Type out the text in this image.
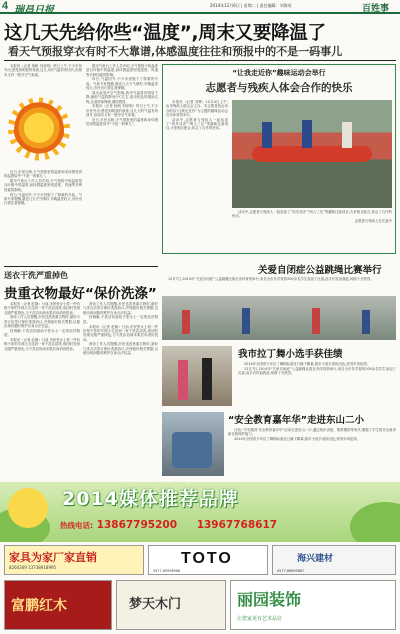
4 瑞昌日报	2014年12月6日 | 星期二 | 责任编辑：刘海英	百姓事
这几天先给你些“温度”,周末又要降温了
看天气预报穿衣有时不大靠谱,体感温度往往和预报中的不是一码事儿

本报讯（记者 杨帆 刘爱明）昨日上午,不少市民外出,感受到明显的寒意,这几天的气温有所回升,但周末又有一股冷空气来袭。

近日,市民反映,天气预报里的温度和身体感觉到的温度似乎“不是一码事儿”。

据市气象台工作人员介绍,天气预报中的温度是百叶箱中的温度,而体感温度则受湿度、风速等多种因素的影响。

昨日,气温回升,不少市民脱下了厚重的冬装。气象专家提醒,最近几天天气晴好,早晚温差较大,市民出行需注意保暖。

据市气象台工作人员介绍,天气预报中的温度是百叶箱中的温度,而体感温度则受湿度、风速等多种因素的影响。

昨日,气温回升,不少市民脱下了厚重的冬装。气象专家提醒,最近几天天气晴好,早晚温差较大,市民出行需注意保暖。

周末起受冷空气影响,我市气温将有明显下降,最低气温将降至0℃左右,请市民及时增添衣物,注意防寒保暖,谨防感冒。

本报讯（记者 杨帆 刘爱明）昨日上午,不少市民外出,感受到明显的寒意,这几天的气温有所回升,但周末又有一股冷空气来袭。

近日,市民反映,天气预报里的温度和身体感觉到的温度似乎“不是一码事儿”。

“让我走近你”趣味运动会举行
志愿者与残疾人体会合作的快乐

本报讯（记者 刘辉）12月4日上午,由市残疾人联合会主办、市志愿者协会协办的以“让我走近你”为主题的趣味运动会在市体育馆举行。

活动中,志愿者与残疾人一起参加了“同舟共济”“两人三足”等趣味比赛项目,大家相互配合,体会了合作的快乐。

活动中,志愿者与残疾人一起参加了“同舟共济”“两人三足”等趣味比赛项目,大家相互配合,体会了合作的快乐。

志愿者与残疾人在比赛中

关爱自闭症公益跳绳比赛举行

12月7日,2014年“关爱自闭症”公益跳绳比赛在市体育馆举行,来自全市各学校的200余名学生参加了比赛,选手们你追我赶,场面十分热烈。

我市拉丁舞小选手获佳绩

2014年全国青少年拉丁舞锦标赛近日落下帷幕,我市小选手表现出色,获得多项佳绩。

12月7日,2014年“关爱自闭症”公益跳绳比赛在市体育馆举行,来自全市各学校的200余名学生参加了比赛,选手们你追我赶,场面十分热烈。

“安全教育嘉年华”走进东山二小

日前,“平安瑞昌·安全教育嘉年华”活动走进东山二小,通过知识讲座、情景模拟等形式,增强了学生的安全意识和自我保护能力。

2014年全国青少年拉丁舞锦标赛近日落下帷幕,我市小选手表现出色,获得多项佳绩。

送衣干洗严重掉色
贵重衣物最好“保价洗涤”

本报讯（记者 赵静）日前,市民张女士将一件价格不菲的羊绒大衣送到一家干洗店清洗,取回时发现衣服严重掉色,与干洗店协商未果后向消协投诉。

消协工作人员提醒,市民送洗贵重衣物时,最好与洗衣店签订保价洗涤协议,并保留好相关票据,以便出现问题时维护自身合法权益。

经调解,干洗店同意给予张女士一定的经济赔偿。

本报讯（记者 赵静）日前,市民张女士将一件价格不菲的羊绒大衣送到一家干洗店清洗,取回时发现衣服严重掉色,与干洗店协商未果后向消协投诉。

消协工作人员提醒,市民送洗贵重衣物时,最好与洗衣店签订保价洗涤协议,并保留好相关票据,以便出现问题时维护自身合法权益。

经调解,干洗店同意给予张女士一定的经济赔偿。

本报讯（记者 赵静）日前,市民张女士将一件价格不菲的羊绒大衣送到一家干洗店清洗,取回时发现衣服严重掉色,与干洗店协商未果后向消协投诉。

消协工作人员提醒,市民送洗贵重衣物时,最好与洗衣店签订保价洗涤协议,并保留好相关票据,以便出现问题时维护自身合法权益。

2014媒体推荐品牌
热线电话: 13867795200 13967768617
家具为家厂家直销
8260369 13738918995
TOTO
0577-89998988
海兴建材
0577-66899887
富鹏红木	梦天木门	丽园装饰
让您家更有艺术品位
